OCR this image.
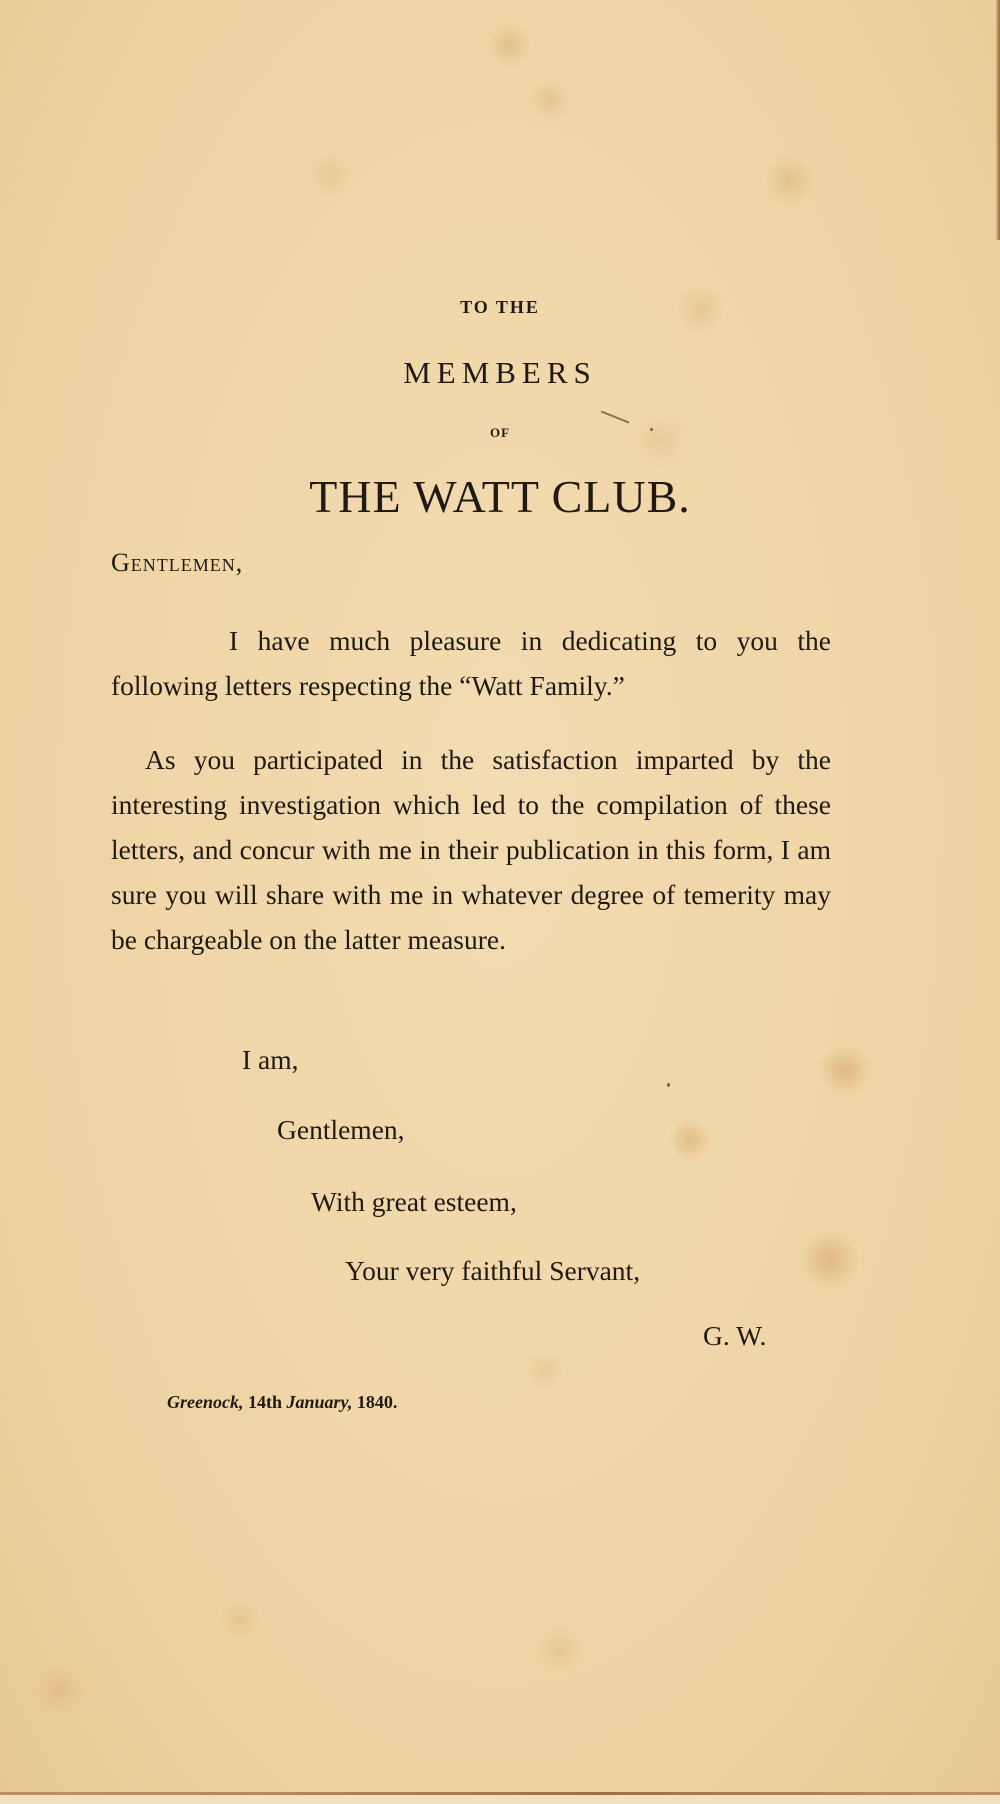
TO THE
MEMBERS
OF
THE WATT CLUB.
Gentlemen,

I have much pleasure in dedicating to you the following letters respecting the “Watt Family.”

As you participated in the satisfaction imparted by the interesting investigation which led to the compilation of these letters, and concur with me in their publication in this form, I am sure you will share with me in whatever degree of temerity may be chargeable on the latter measure.

I am,
Gentlemen,
With great esteem,
Your very faithful Servant,
G. W.
Greenock, 14th January, 1840.
